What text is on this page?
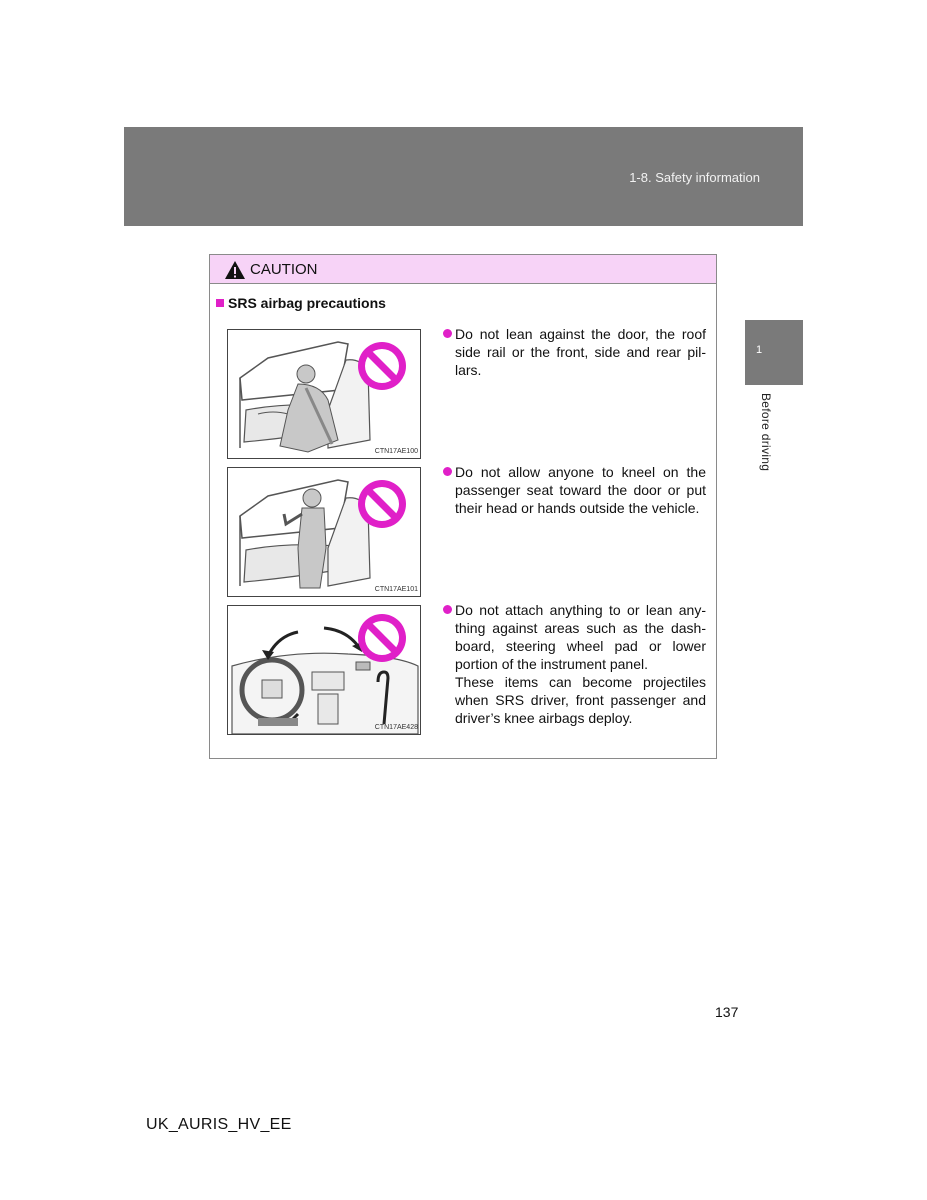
1-8. Safety information
1
Before driving
CAUTION
SRS airbag precautions
CTN17AE100
CTN17AE101
CTN17AE428

Do not lean against the door, the roof side rail or the front, side and rear pil-lars.

Do not allow anyone to kneel on the passenger seat toward the door or put their head or hands outside the vehicle.

Do not attach anything to or lean any-thing against areas such as the dash-board, steering wheel pad or lower portion of the instrument panel.

These items can become projectiles when SRS driver, front passenger and driver’s knee airbags deploy.

137
UK_AURIS_HV_EE
